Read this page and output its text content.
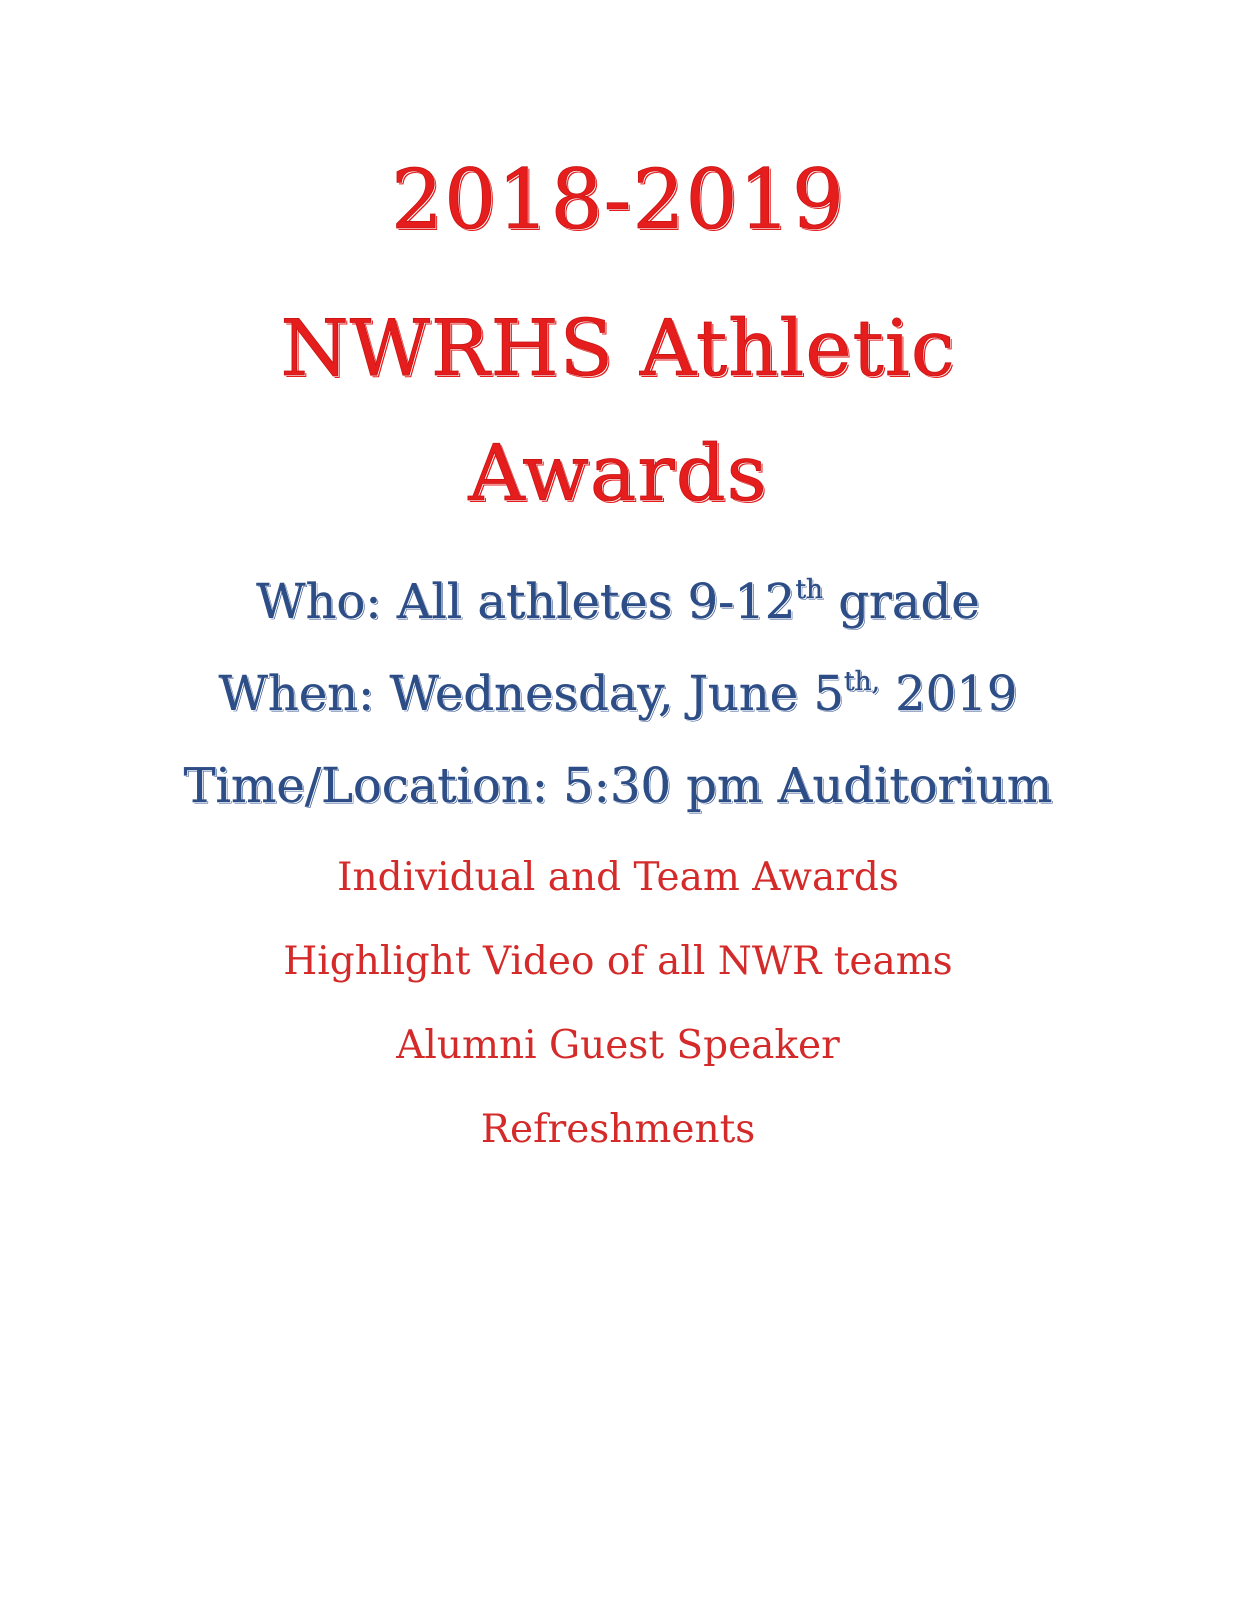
2018-2019
NWRHS Athletic
Awards
Who: All athletes 9-12th grade
When: Wednesday, June $5^{th,}$ 2019
Time/Location: 5:30 pm Auditorium
Individual and Team Awards
Highlight Video of all NWR teams
Alumni Guest Speaker
Refreshments
